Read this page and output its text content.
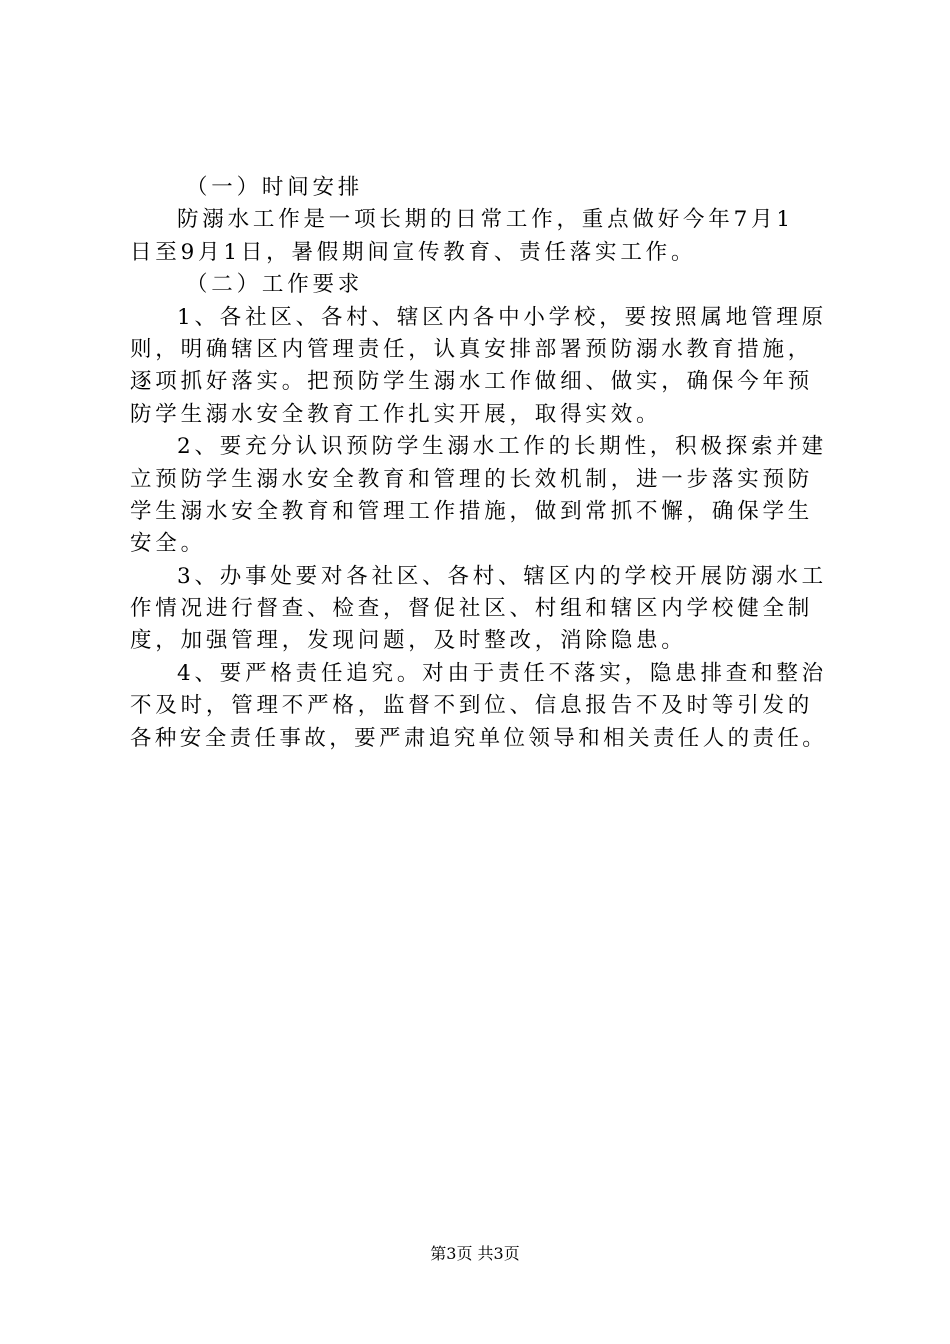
（一）时间安排
防溺水工作是一项长期的日常工作，重点做好今年7月1
日至9月1日，暑假期间宣传教育、责任落实工作。
（二）工作要求
1、各社区、各村、辖区内各中小学校，要按照属地管理原
则，明确辖区内管理责任，认真安排部署预防溺水教育措施，
逐项抓好落实。把预防学生溺水工作做细、做实，确保今年预
防学生溺水安全教育工作扎实开展，取得实效。
2、要充分认识预防学生溺水工作的长期性，积极探索并建
立预防学生溺水安全教育和管理的长效机制，进一步落实预防
学生溺水安全教育和管理工作措施，做到常抓不懈，确保学生
安全。
3、办事处要对各社区、各村、辖区内的学校开展防溺水工
作情况进行督查、检查，督促社区、村组和辖区内学校健全制
度，加强管理，发现问题，及时整改，消除隐患。
4、要严格责任追究。对由于责任不落实，隐患排查和整治
不及时，管理不严格，监督不到位、信息报告不及时等引发的
各种安全责任事故，要严肃追究单位领导和相关责任人的责任。
第3页 共3页
